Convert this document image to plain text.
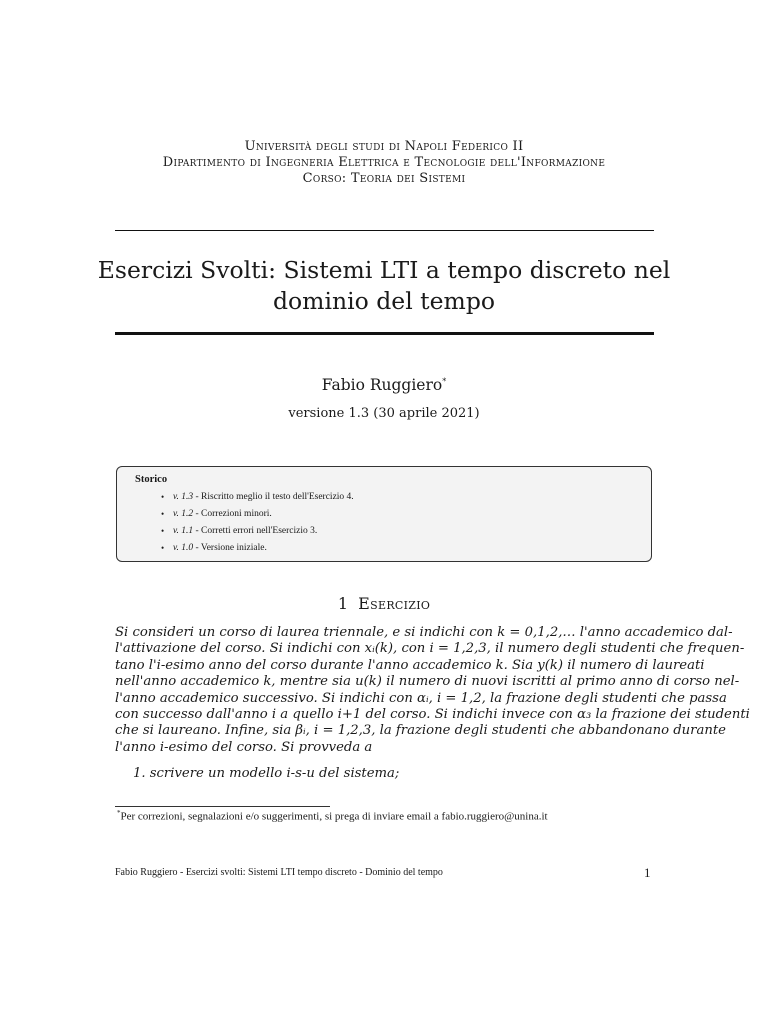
Università degli studi di Napoli Federico II
Dipartimento di Ingegneria Elettrica e Tecnologie dell'Informazione
Corso: Teoria dei Sistemi
Esercizi Svolti: Sistemi LTI a tempo discreto nel
dominio del tempo
Fabio Ruggiero*
versione 1.3 (30 aprile 2021)
Storico
• v. 1.3 - Riscritto meglio il testo dell'Esercizio 4.
• v. 1.2 - Correzioni minori.
• v. 1.1 - Corretti errori nell'Esercizio 3.
• v. 1.0 - Versione iniziale.
1 Esercizio
Si consideri un corso di laurea triennale, e si indichi con k = 0,1,2,… l'anno accademico dal-
l'attivazione del corso. Si indichi con xᵢ(k), con i = 1,2,3, il numero degli studenti che frequen-
tano l'i-esimo anno del corso durante l'anno accademico k. Sia y(k) il numero di laureati
nell'anno accademico k, mentre sia u(k) il numero di nuovi iscritti al primo anno di corso nel-
l'anno accademico successivo. Si indichi con αᵢ, i = 1,2, la frazione degli studenti che passa
con successo dall'anno i a quello i+1 del corso. Si indichi invece con α₃ la frazione dei studenti
che si laureano. Infine, sia βᵢ, i = 1,2,3, la frazione degli studenti che abbandonano durante
l'anno i-esimo del corso. Si provveda a
1. scrivere un modello i-s-u del sistema;
*Per correzioni, segnalazioni e/o suggerimenti, si prega di inviare email a fabio.ruggiero@unina.it
Fabio Ruggiero - Esercizi svolti: Sistemi LTI tempo discreto - Dominio del tempo	1
